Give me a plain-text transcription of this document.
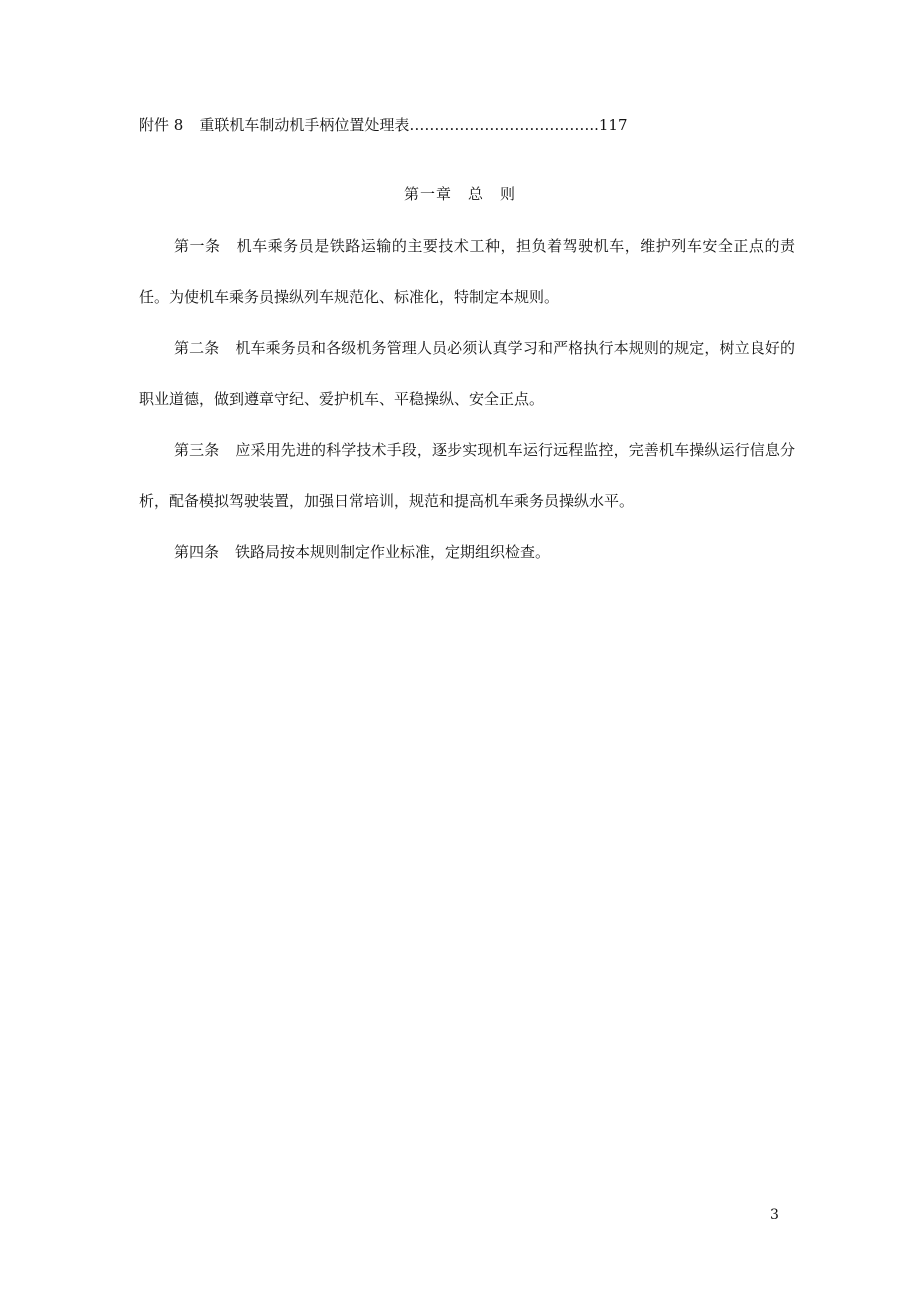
附件 8 重联机车制动机手柄位置处理表………………………………..117
第一章　总　则

第一条 机车乘务员是铁路运输的主要技术工种，担负着驾驶机车，维护列车安全正点的责任。为使机车乘务员操纵列车规范化、标准化，特制定本规则。

第二条 机车乘务员和各级机务管理人员必须认真学习和严格执行本规则的规定，树立良好的职业道德，做到遵章守纪、爱护机车、平稳操纵、安全正点。

第三条 应采用先进的科学技术手段，逐步实现机车运行远程监控，完善机车操纵运行信息分析，配备模拟驾驶装置，加强日常培训，规范和提高机车乘务员操纵水平。

第四条 铁路局按本规则制定作业标准，定期组织检查。

3
